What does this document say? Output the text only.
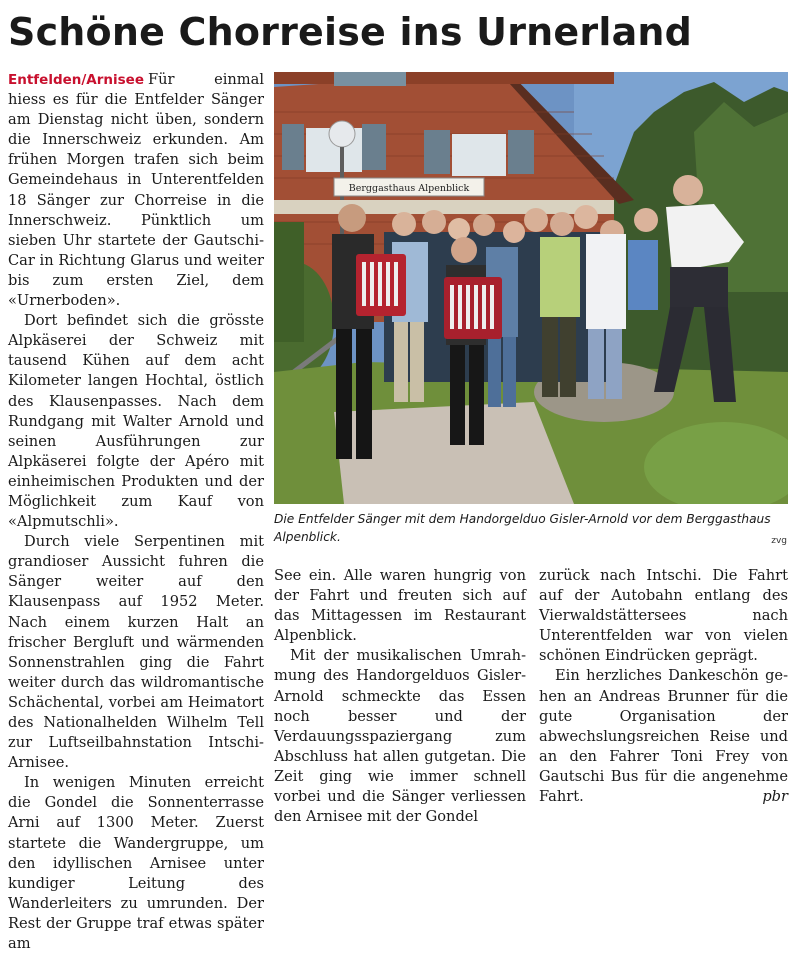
Schöne Chorreise ins Urnerland

Entfelden/Arnisee Für einmal hiess es für die Entfelder Sänger am Dienstag nicht üben, sondern die Innerschweiz erkunden. Am frühen Morgen trafen sich beim Gemeindehaus in Unterentfelden 18 Sänger zur Chorreise in die Innerschweiz. Pünktlich um sieben Uhr startete der Gautschi-Car in Richtung Glarus und weiter bis zum ersten Ziel, dem «Urnerboden».

Dort befindet sich die grösste Alpkäserei der Schweiz mit tausend Kühen auf dem acht Kilometer langen Hochtal, östlich des Klausenpasses. Nach dem Rundgang mit Walter Arnold und seinen Ausführungen zur Alpkäserei folgte der Apéro mit einheimischen Produkten und der Möglichkeit zum Kauf von «Alpmutschli».

Durch viele Serpentinen mit grandioser Aussicht fuhren die Sänger weiter auf den Klausenpass auf 1952 Meter. Nach einem kurzen Halt an frischer Bergluft und wärmenden Sonnenstrahlen ging die Fahrt weiter durch das wildromantische Schächental, vorbei am Heimatort des Nationalhelden Wilhelm Tell zur Luftseilbahnstation Intschi-Arnisee.

In wenigen Minuten erreicht die Gondel die Sonnenterrasse Arni auf 1300 Meter. Zuerst startete die Wandergruppe, um den idyllischen Arnisee unter kundiger Leitung des Wanderleiters zu umrunden. Der Rest der Gruppe traf etwas später am

Berggasthaus Alpenblick
Die Entfelder Sänger mit dem Handorgelduo Gisler-Arnold vor dem Berggasthaus Alpenblick.	zvg

See ein. Alle waren hungrig von der Fahrt und freuten sich auf das Mittagessen im Restaurant Alpenblick.

Mit der musikalischen Umrahmung des Handorgelduos Gisler-Arnold schmeckte das Essen noch besser und der Verdauungsspaziergang zum Abschluss hat allen gutgetan. Die Zeit ging wie immer schnell vorbei und die Sänger verliessen den Arnisee mit der Gondel

zurück nach Intschi. Die Fahrt auf der Autobahn entlang des Vierwaldstättersees nach Unterentfelden war von vielen schönen Eindrücken geprägt.

Ein herzliches Dankeschön gehen an Andreas Brunner für die gute Organisation der abwechslungsreichen Reise und an den Fahrer Toni Frey von Gautschi Bus für die angenehme Fahrt.	pbr
